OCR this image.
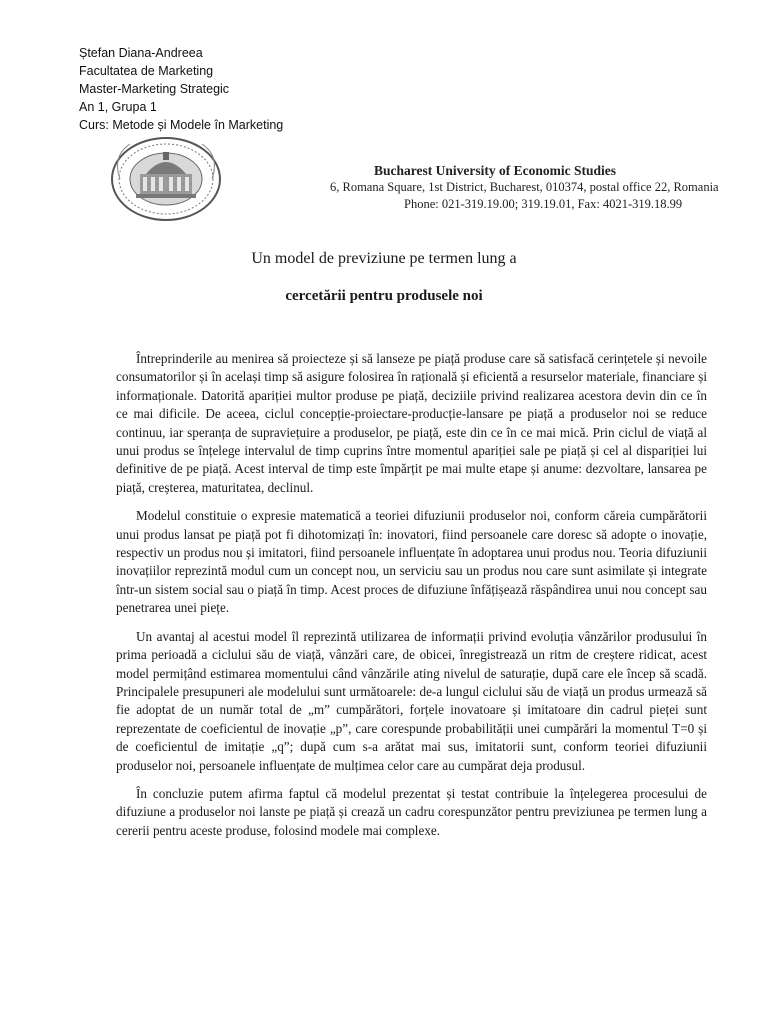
Ștefan Diana-Andreea
Facultatea de Marketing
Master-Marketing Strategic
An 1, Grupa 1
Curs: Metode și Modele în Marketing
Bucharest University of Economic Studies
6, Romana Square, 1st District, Bucharest, 010374, postal office 22, Romania
Phone: 021-319.19.00; 319.19.01, Fax: 4021-319.18.99
Un model de previziune pe termen lung a
cercetării pentru produsele noi

Întreprinderile au menirea să proiecteze și să lanseze pe piață produse care să satisfacă cerințetele și nevoile consumatorilor și în același timp să asigure folosirea în rațională și eficientă a resurselor materiale, financiare și informaționale. Datorită apariției multor produse pe piață, deciziile privind realizarea acestora devin din ce în ce mai dificile. De aceea, ciclul concepție-proiectare-producție-lansare pe piață a produselor noi se reduce continuu, iar speranța de supraviețuire a produselor, pe piață, este din ce în ce mai mică. Prin ciclul de viață al unui produs se înțelege intervalul de timp cuprins între momentul apariției sale pe piață și cel al dispariției lui definitive de pe piață. Acest interval de timp este împărțit pe mai multe etape și anume: dezvoltare, lansarea pe piață, creșterea, maturitatea, declinul.

Modelul constituie o expresie matematică a teoriei difuziunii produselor noi, conform căreia cumpărătorii unui produs lansat pe piață pot fi dihotomizați în: inovatori, fiind persoanele care doresc să adopte o inovație, respectiv un produs nou și imitatori, fiind persoanele influențate în adoptarea unui produs nou. Teoria difuziunii inovațiilor reprezintă modul cum un concept nou, un serviciu sau un produs nou care sunt asimilate și integrate într-un sistem social sau o piață în timp. Acest proces de difuziune înfățișează răspândirea unui nou concept sau penetrarea unei piețe.

Un avantaj al acestui model îl reprezintă utilizarea de informații privind evoluția vânzărilor produsului în prima perioadă a ciclului său de viață, vânzări care, de obicei, înregistrează un ritm de creștere ridicat, acest model permițând estimarea momentului când vânzările ating nivelul de saturație, după care ele încep să scadă. Principalele presupuneri ale modelului sunt următoarele: de-a lungul ciclului său de viață un produs urmează să fie adoptat de un număr total de „m” cumpărători, forțele inovatoare și imitatoare din cadrul pieței sunt reprezentate de coeficientul de inovație „p”, care corespunde probabilității unei cumpărări la momentul T=0 și de coeficientul de imitație „q”; după cum s-a arătat mai sus, imitatorii sunt, conform teoriei difuziunii produselor noi, persoanele influențate de mulțimea celor care au cumpărat deja produsul.

În concluzie putem afirma faptul că modelul prezentat și testat contribuie la înțelegerea procesului de difuziune a produselor noi lanste pe piață și crează un cadru corespunzător pentru previziunea pe termen lung a cererii pentru aceste produse, folosind modele mai complexe.
